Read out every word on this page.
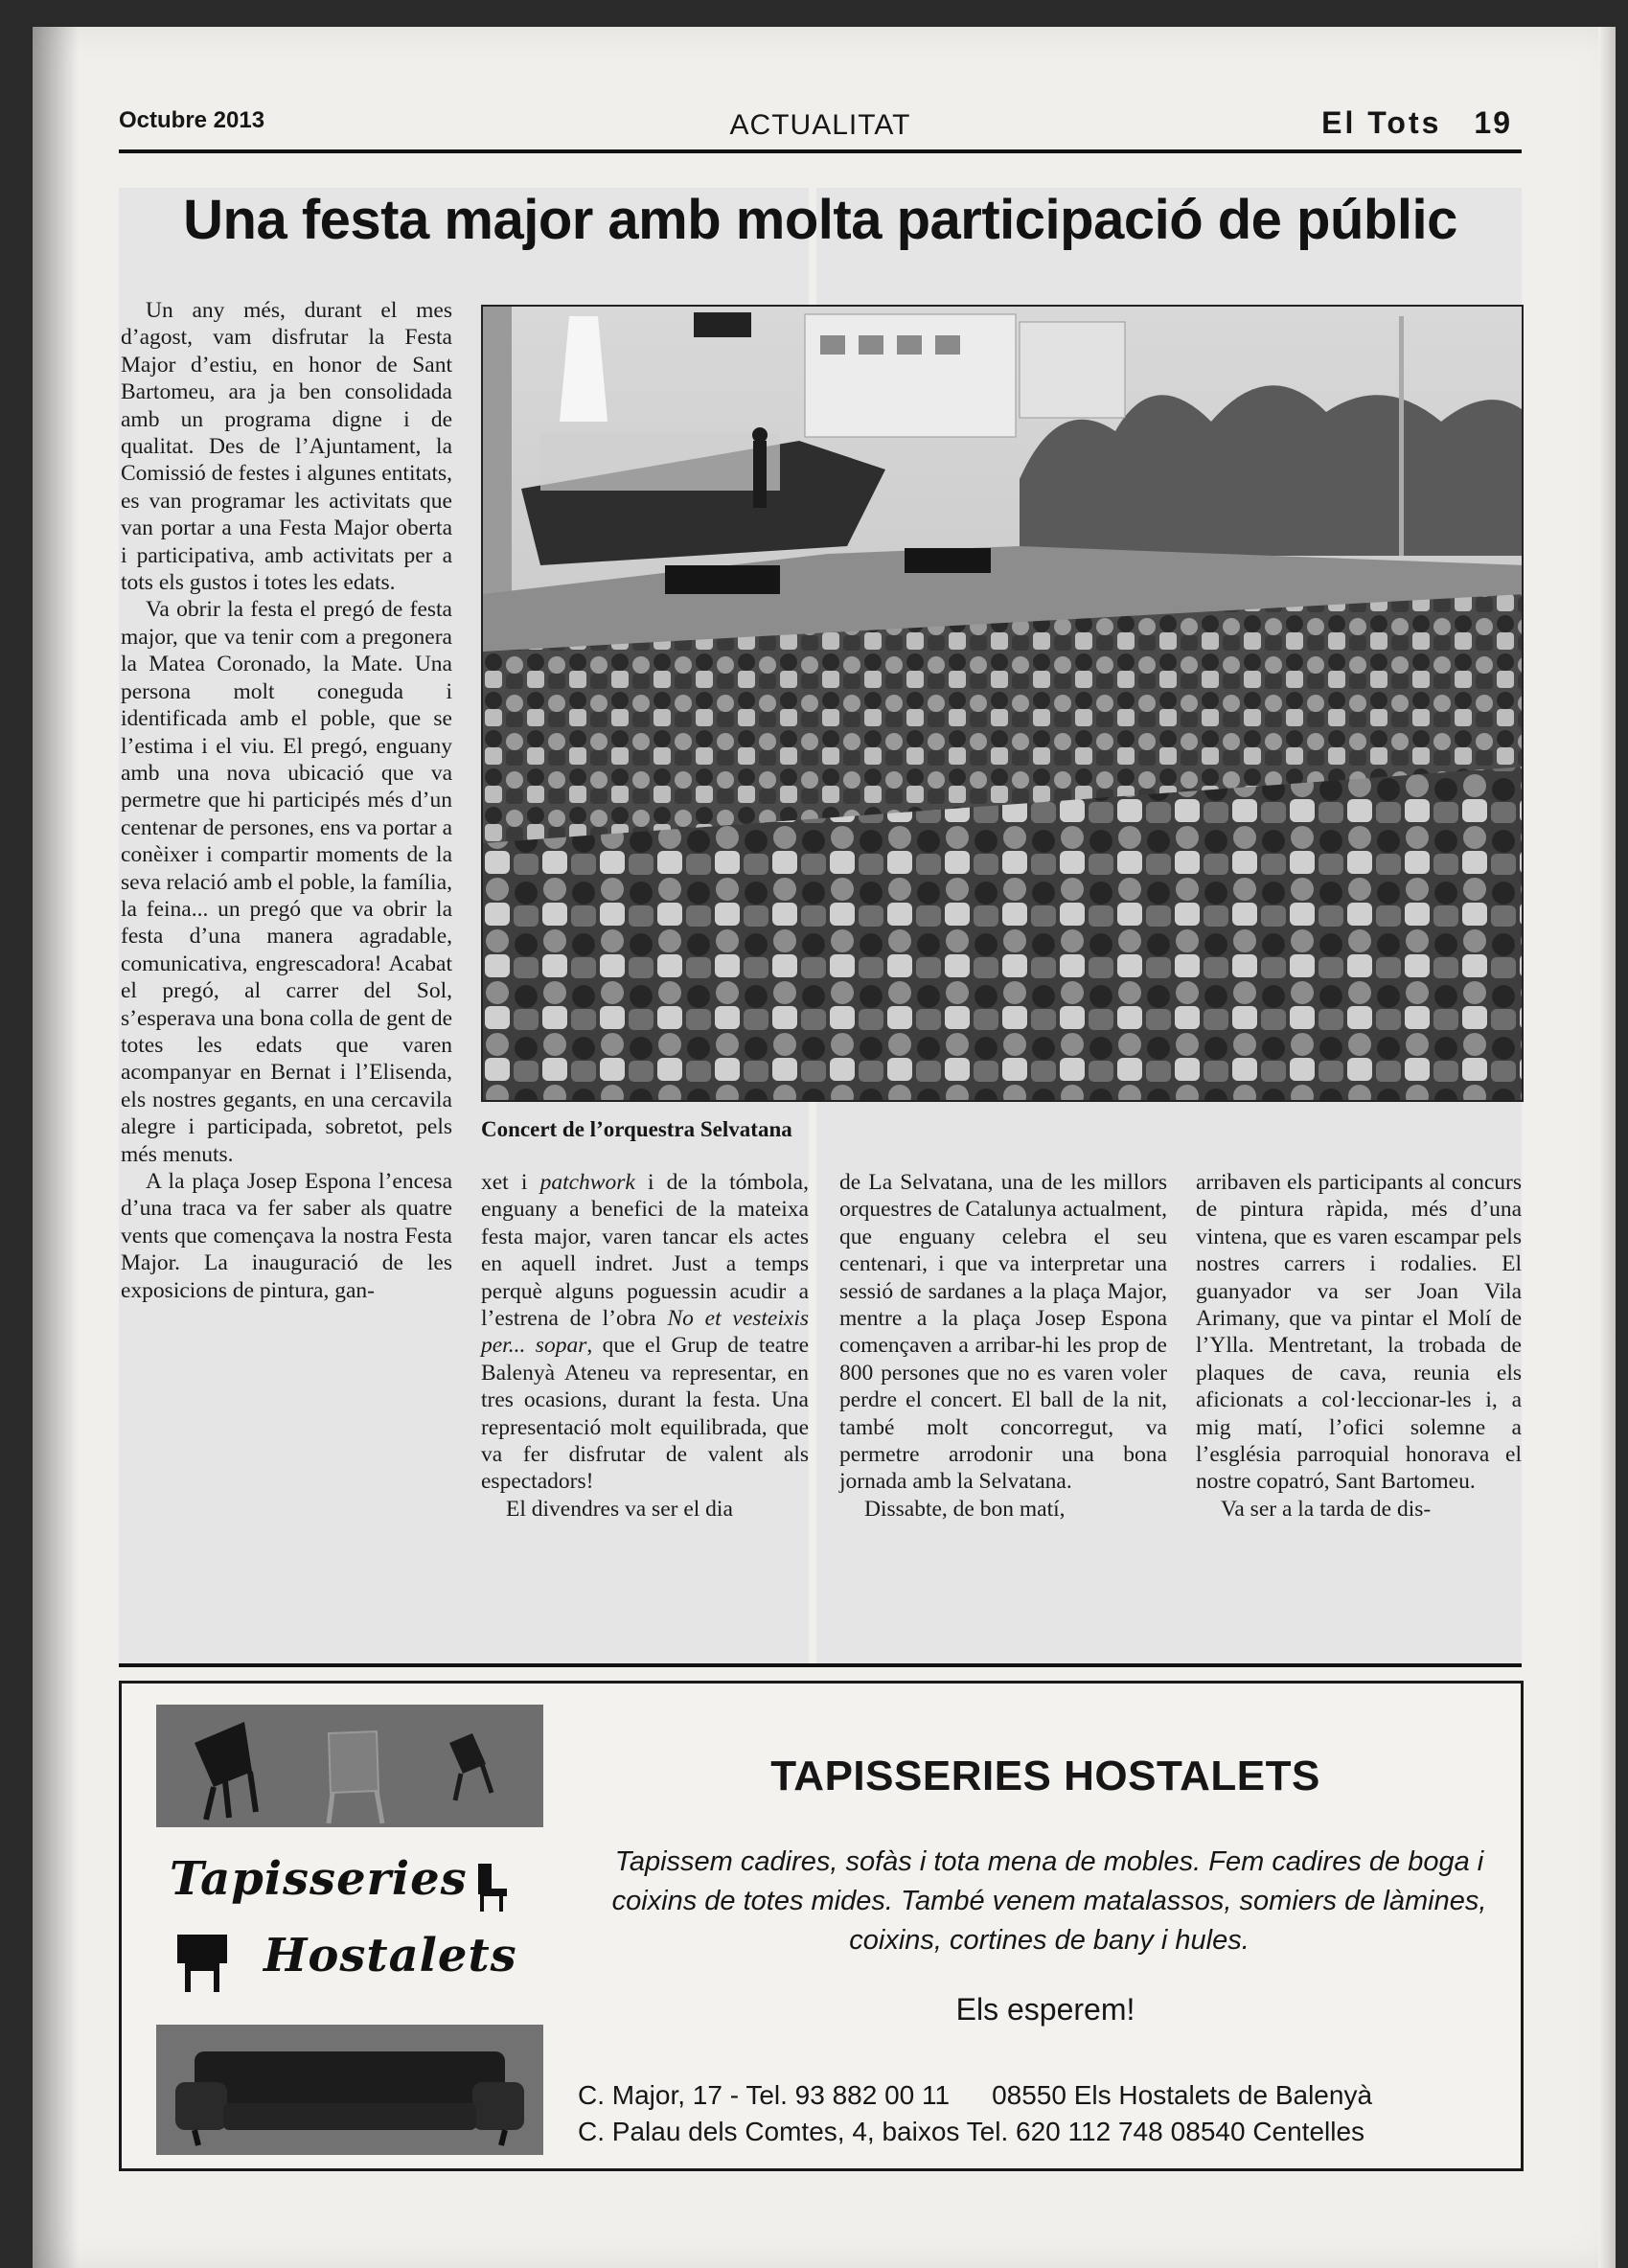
Octubre 2013	ACTUALITAT	El Tots 19
Una festa major amb molta participació de públic

Un any més, durant el mes d’agost, vam disfrutar la Festa Major d’estiu, en honor de Sant Bartomeu, ara ja ben consolidada amb un programa digne i de qualitat. Des de l’Ajuntament, la Comissió de festes i algunes entitats, es van programar les activitats que van portar a una Festa Major oberta i participativa, amb activitats per a tots els gustos i totes les edats.

Va obrir la festa el pregó de festa major, que va tenir com a pregonera la Matea Coronado, la Mate. Una persona molt coneguda i identificada amb el poble, que se l’estima i el viu. El pregó, enguany amb una nova ubicació que va permetre que hi participés més d’un centenar de persones, ens va portar a conèixer i compartir moments de la seva relació amb el poble, la família, la feina... un pregó que va obrir la festa d’una manera agradable, comunicativa, engrescadora! Acabat el pregó, al carrer del Sol, s’esperava una bona colla de gent de totes les edats que varen acompanyar en Bernat i l’Elisenda, els nostres gegants, en una cercavila alegre i participada, sobretot, pels més menuts.

A la plaça Josep Espona l’encesa d’una traca va fer saber als quatre vents que començava la nostra Festa Major. La inauguració de les exposicions de pintura, gan-

Concert de l’orquestra Selvatana

xet i patchwork i de la tómbola, enguany a benefici de la mateixa festa major, varen tancar els actes en aquell indret. Just a temps perquè alguns poguessin acudir a l’estrena de l’obra No et vesteixis per... sopar, que el Grup de teatre Balenyà Ateneu va representar, en tres ocasions, durant la festa. Una representació molt equilibrada, que va fer disfrutar de valent als espectadors!

El divendres va ser el dia

de La Selvatana, una de les millors orquestres de Catalunya actualment, que enguany celebra el seu centenari, i que va interpretar una sessió de sardanes a la plaça Major, mentre a la plaça Josep Espona començaven a arribar-hi les prop de 800 persones que no es varen voler perdre el concert. El ball de la nit, també molt concorregut, va permetre arrodonir una bona jornada amb la Selvatana.

Dissabte, de bon matí,

arribaven els participants al concurs de pintura ràpida, més d’una vintena, que es varen escampar pels nostres carrers i rodalies. El guanyador va ser Joan Vila Arimany, que va pintar el Molí de l’Ylla. Mentretant, la trobada de plaques de cava, reunia els aficionats a col·leccionar-les i, a mig matí, l’ofici solemne a l’església parroquial honorava el nostre copatró, Sant Bartomeu.

Va ser a la tarda de dis-

Tapisseries
Hostalets
TAPISSERIES HOSTALETS
Tapissem cadires, sofàs i tota mena de mobles. Fem cadires de boga i coixins de totes mides. També venem matalassos, somiers de làmines, coixins, cortines de bany i hules.
Els esperem!
C. Major, 17 - Tel. 93 882 00 11 08550 Els Hostalets de Balenyà
C. Palau dels Comtes, 4, baixos Tel. 620 112 748 08540 Centelles
